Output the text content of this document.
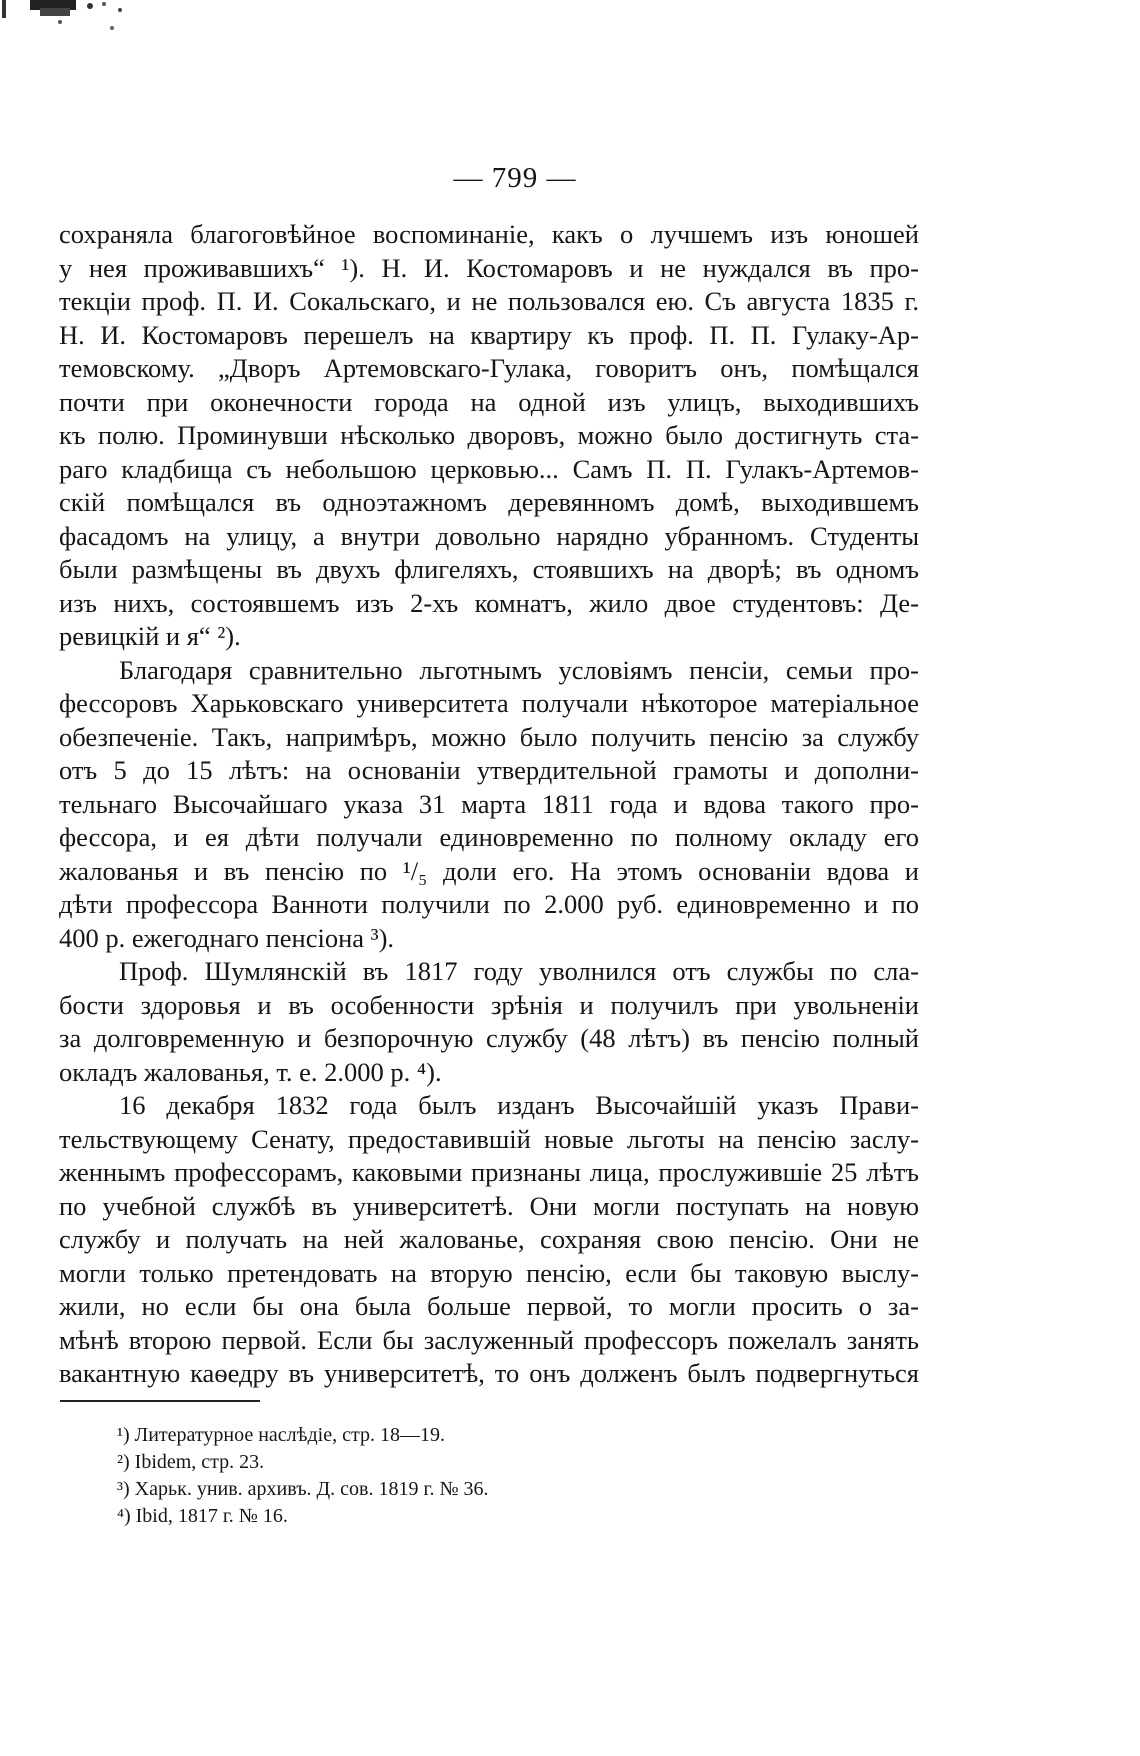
— 799 —

сохраняла благоговѣйное воспоминаніе, какъ о лучшемъ изъ юношей
у нея проживавшихъ“ ¹). Н. И. Костомаровъ и не нуждался въ про-
текціи проф. П. И. Сокальскаго, и не пользовался ею. Съ августа 1835 г.
Н. И. Костомаровъ перешелъ на квартиру къ проф. П. П. Гулаку-Ар-
темовскому. „Дворъ Артемовскаго-Гулака, говоритъ онъ, помѣщался
почти при оконечности города на одной изъ улицъ, выходившихъ
къ полю. Проминувши нѣсколько дворовъ, можно было достигнуть ста-
раго кладбища съ небольшою церковью... Самъ П. П. Гулакъ-Артемов-
скій помѣщался въ одноэтажномъ деревянномъ домѣ, выходившемъ
фасадомъ на улицу, а внутри довольно нарядно убранномъ. Студенты
были размѣщены въ двухъ флигеляхъ, стоявшихъ на дворѣ; въ одномъ
изъ нихъ, состоявшемъ изъ 2-хъ комнатъ, жило двое студентовъ: Де-
ревицкій и я“ ²).

Благодаря сравнительно льготнымъ условіямъ пенсіи, семьи про-
фессоровъ Харьковскаго университета получали нѣкоторое матеріальное
обезпеченіе. Такъ, напримѣръ, можно было получить пенсію за службу
отъ 5 до 15 лѣтъ: на основаніи утвердительной грамоты и дополни-
тельнаго Высочайшаго указа 31 марта 1811 года и вдова такого про-
фессора, и ея дѣти получали единовременно по полному окладу его
жалованья и въ пенсію по ¹/₅ доли его. На этомъ основаніи вдова и
дѣти профессора Ванноти получили по 2.000 руб. единовременно и по
400 р. ежегоднаго пенсіона ³).

Проф. Шумлянскій въ 1817 году уволнился отъ службы по сла-
бости здоровья и въ особенности зрѣнія и получилъ при увольненіи
за долговременную и безпорочную службу (48 лѣтъ) въ пенсію полный
окладъ жалованья, т. е. 2.000 р. ⁴).

16 декабря 1832 года былъ изданъ Высочайшій указъ Прави-
тельствующему Сенату, предоставившій новые льготы на пенсію заслу-
женнымъ профессорамъ, каковыми признаны лица, прослужившіе 25 лѣтъ
по учебной службѣ въ университетѣ. Они могли поступать на новую
службу и получать на ней жалованье, сохраняя свою пенсію. Они не
могли только претендовать на вторую пенсію, если бы таковую выслу-
жили, но если бы она была больше первой, то могли просить о за-
мѣнѣ второю первой. Если бы заслуженный профессоръ пожелалъ занять
вакантную каѳедру въ университетѣ, то онъ долженъ былъ подвергнуться

¹) Литературное наслѣдіе, стр. 18—19.
²) Ibidem, стр. 23.
³) Харьк. унив. архивъ. Д. сов. 1819 г. № 36.
⁴) Ibid, 1817 г. № 16.
